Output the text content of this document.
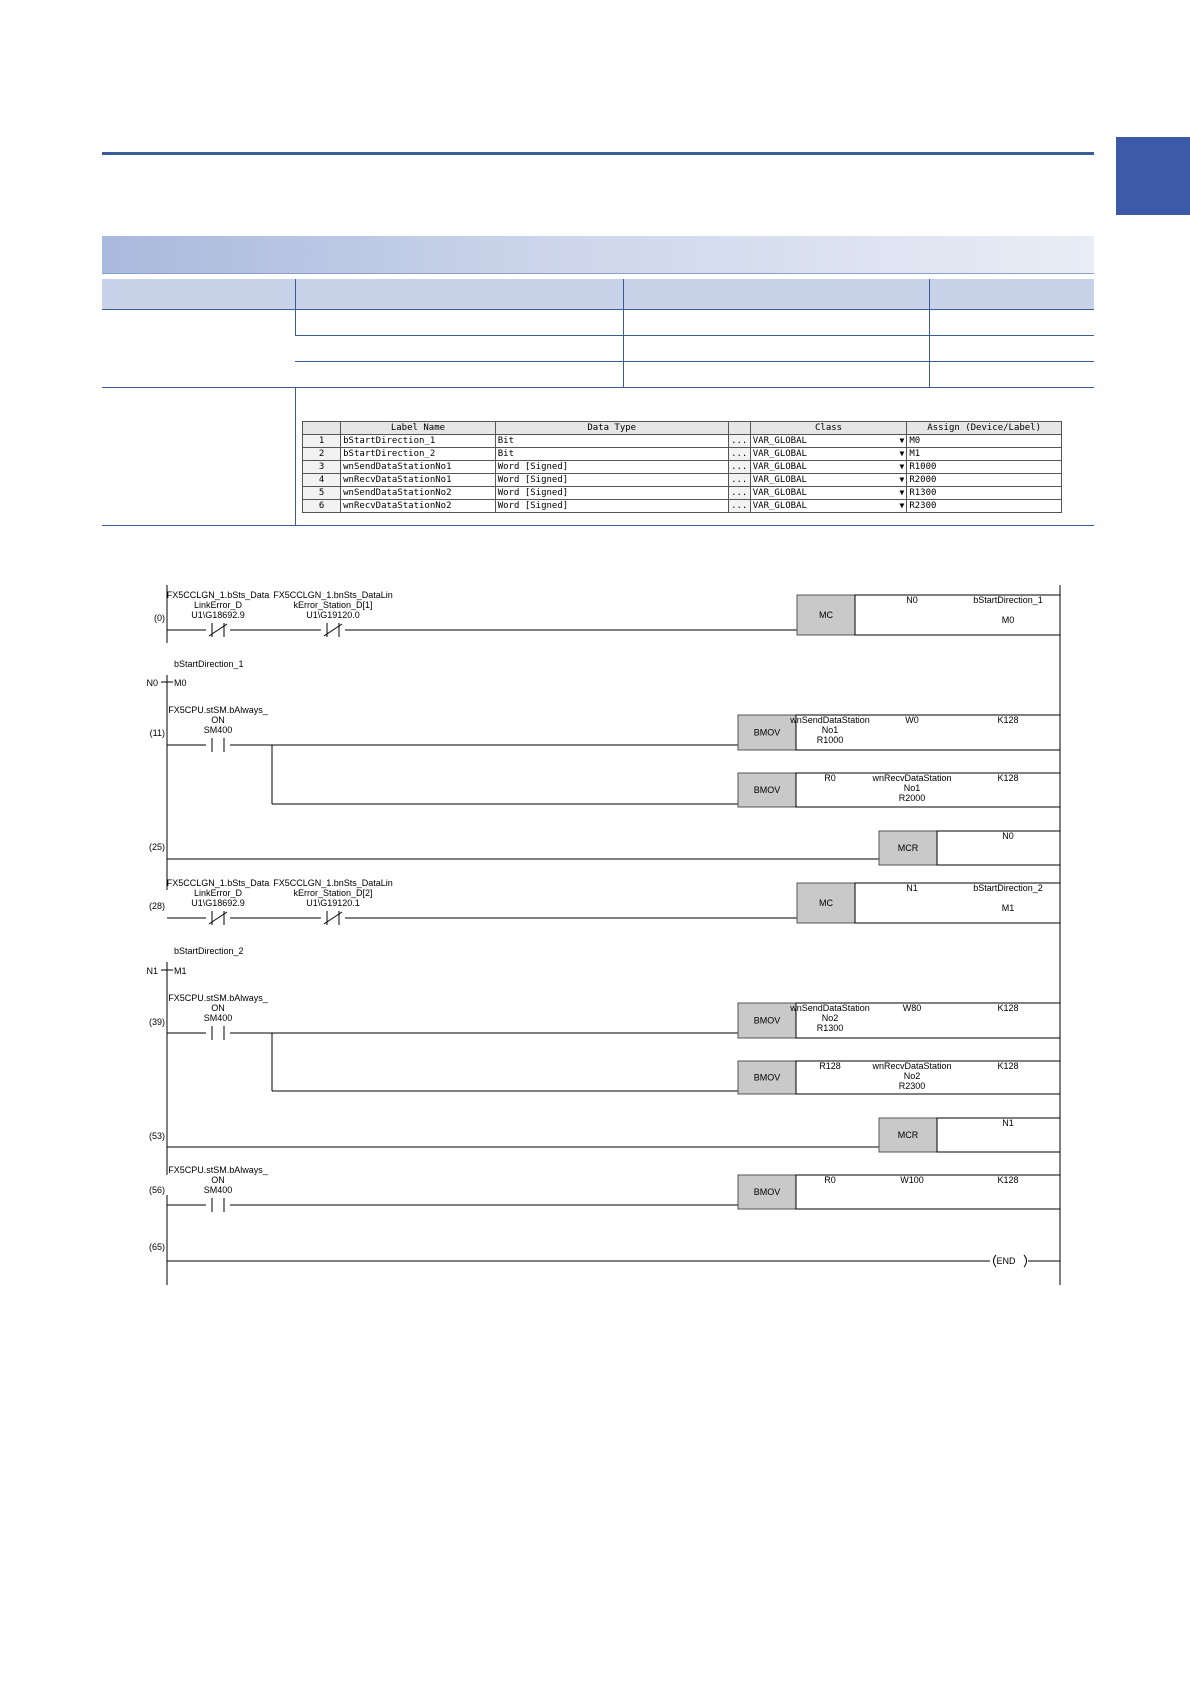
	Label Name	Data Type		Class	Assign (Device/Label)
1	bStartDirection_1	Bit	...	VAR_GLOBAL ▼	M0
2	bStartDirection_2	Bit	...	VAR_GLOBAL ▼	M1
3	wnSendDataStationNo1	Word [Signed]	...	VAR_GLOBAL ▼	R1000
4	wnRecvDataStationNo1	Word [Signed]	...	VAR_GLOBAL ▼	R2000
5	wnSendDataStationNo2	Word [Signed]	...	VAR_GLOBAL ▼	R1300
6	wnRecvDataStationNo2	Word [Signed]	...	VAR_GLOBAL ▼	R2300
(0)
(11)
(25)
(28)
(39)
(53)
(56)
(65)
FX5CCLGN_1.bSts_Data
LinkError_D
U1\G18692.9
FX5CCLGN_1.bnSts_DataLin
kError_Station_D[1]
U1\G19120.0	MC
N0	bStartDirection_1
M0
bStartDirection_1
N0 M0
FX5CPU.stSM.bAlways_
ON
SM400	BMOV
wnSendDataStation
No1
R1000
W0	K128
BMOV
R0	wnRecvDataStation
No1
R2000
K128
MCR
N0
FX5CCLGN_1.bSts_Data
LinkError_D
U1\G18692.9
FX5CCLGN_1.bnSts_DataLin
kError_Station_D[2]
U1\G19120.1	MC
N1	bStartDirection_2
M1
bStartDirection_2
N1 M1
FX5CPU.stSM.bAlways_
ON
SM400	BMOV
wnSendDataStation
No2
R1300
W80	K128
BMOV
R128	wnRecvDataStation
No2
R2300
K128
MCR
N1
FX5CPU.stSM.bAlways_
ON
SM400	BMOV
R0	W100	K128
END
